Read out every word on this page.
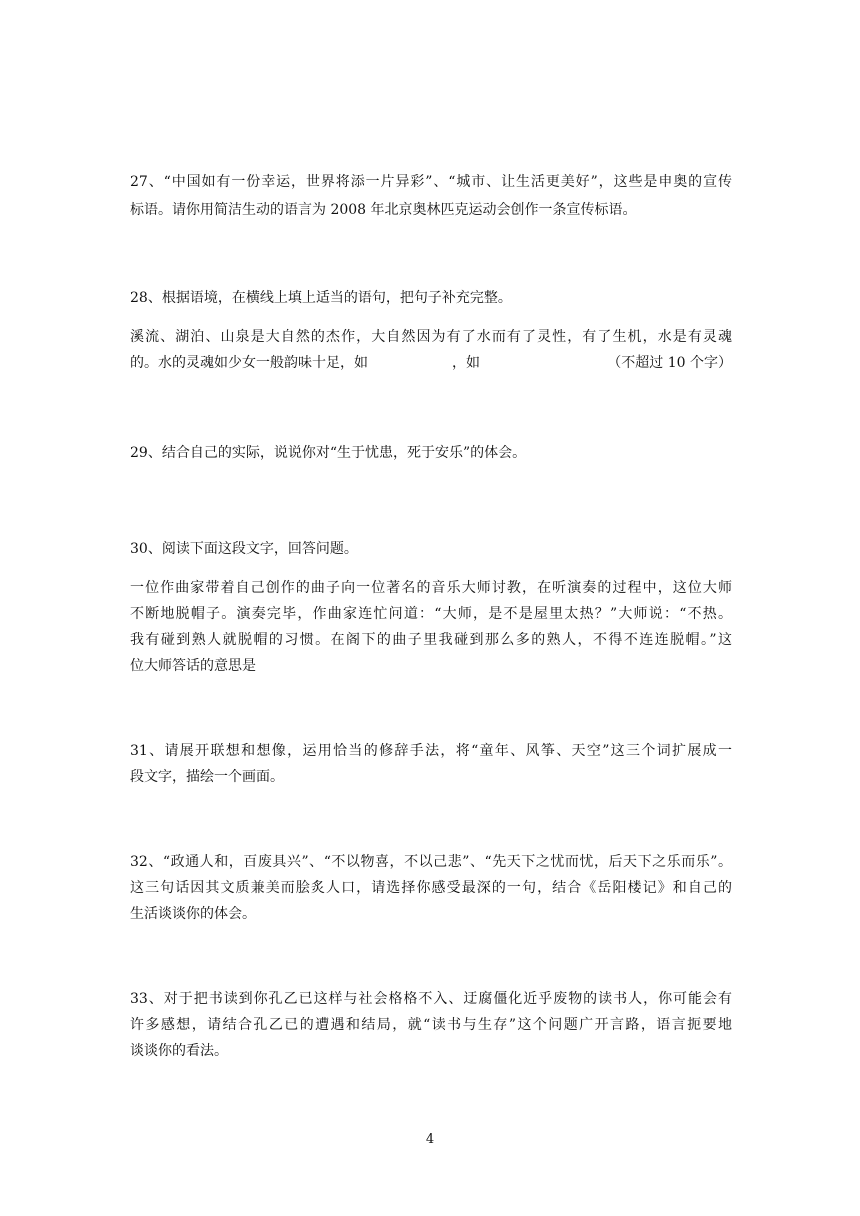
27、“中国如有一份幸运，世界将添一片异彩”、“城市、让生活更美好”，这些是申奥的宣传
标语。请你用简洁生动的语言为 2008 年北京奥林匹克运动会创作一条宣传标语。
28、根据语境，在横线上填上适当的语句，把句子补充完整。
溪流、湖泊、山泉是大自然的杰作，大自然因为有了水而有了灵性，有了生机，水是有灵魂
的。水的灵魂如少女一般韵味十足，如	，如	（不超过 10 个字）
29、结合自己的实际，说说你对“生于忧患，死于安乐”的体会。
30、阅读下面这段文字，回答问题。
一位作曲家带着自己创作的曲子向一位著名的音乐大师讨教，在听演奏的过程中，这位大师
不断地脱帽子。演奏完毕，作曲家连忙问道：“大师，是不是屋里太热？”大师说：“不热。
我有碰到熟人就脱帽的习惯。在阁下的曲子里我碰到那么多的熟人，不得不连连脱帽。”这
位大师答话的意思是
31、请展开联想和想像，运用恰当的修辞手法，将“童年、风筝、天空”这三个词扩展成一
段文字，描绘一个画面。
32、“政通人和，百废具兴”、“不以物喜，不以己悲”、“先天下之忧而忧，后天下之乐而乐”。
这三句话因其文质兼美而脍炙人口，请选择你感受最深的一句，结合《岳阳楼记》和自己的
生活谈谈你的体会。
33、对于把书读到你孔乙已这样与社会格格不入、迂腐僵化近乎废物的读书人，你可能会有
许多感想，请结合孔乙已的遭遇和结局，就“读书与生存”这个问题广开言路，语言扼要地
谈谈你的看法。
4
